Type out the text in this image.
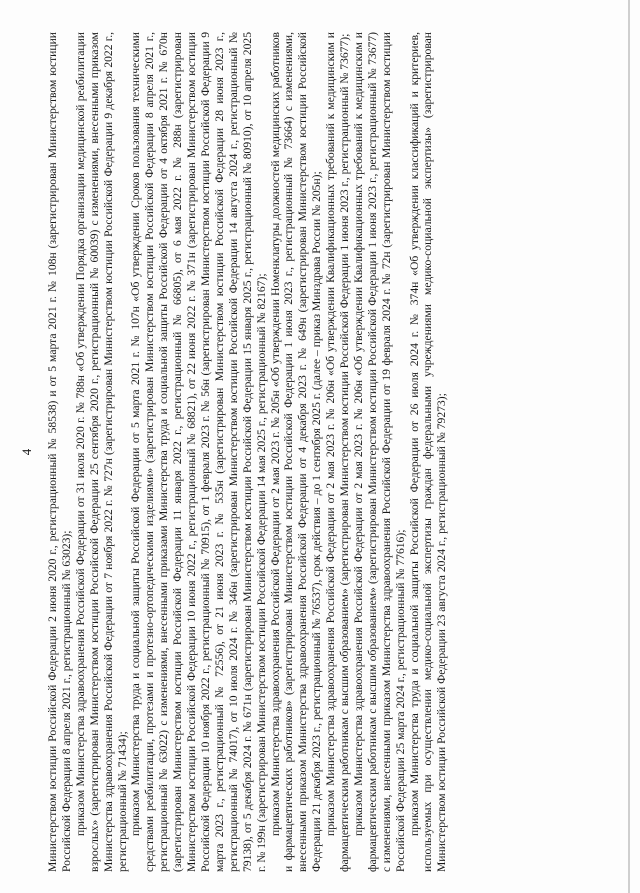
4 Министерством юстиции Российской Федерации 2 июня 2020 г., регистрационный № 58538) и от 5 марта 2021 г. № 108н (зарегистрирован Министерством юстиции Российской Федерации 8 апреля 2021 г., регистрационный № 63023); приказом Министерства здравоохранения Российской Федерации от 31 июля 2020 г. № 788н «Об утверждении Порядка организации медицинской реабилитации взрослых» (зарегистрирован Министерством юстиции Российской Федерации 25 сентября 2020 г., регистрационный № 60039) с изменениями, внесенными приказом Министерства здравоохранения Российской Федерации от 7 ноября 2022 г. № 727н (зарегистрирован Министерством юстиции Российской Федерации 9 декабря 2022 г., регистрационный № 71434); приказом Министерства труда и социальной защиты Российской Федерации от 5 марта 2021 г. № 107н «Об утверждении Сроков пользования техническими средствами реабилитации, протезами и протезно-ортопедическими изделиями» (зарегистрирован Министерством юстиции Российской Федерации 8 апреля 2021 г., регистрационный № 63022) с изменениями, внесенными приказами Министерства труда и социальной защиты Российской Федерации от 4 октября 2021 г. № 670н (зарегистрирован Министерством юстиции Российской Федерации 11 января 2022 г., регистрационный № 66805), от 6 мая 2022 г. № 288н (зарегистрирован Министерством юстиции Российской Федерации 10 июня 2022 г., регистрационный № 68821), от 22 июня 2022 г. № 371н (зарегистрирован Министерством юстиции Российской Федерации 10 ноября 2022 г., регистрационный № 70915), от 1 февраля 2023 г. № 56н (зарегистрирован Министерством юстиции Российской Федерации 9 марта 2023 г., регистрационный № 72556), от 21 июня 2023 г. № 535н (зарегистрирован Министерством юстиции Российской Федерации 28 июня 2023 г., регистрационный № 74017), от 10 июля 2024 г. № 346н (зарегистрирован Министерством юстиции Российской Федерации 14 августа 2024 г., регистрационный № 79138), от 5 декабря 2024 г. № 671н (зарегистрирован Министерством юстиции Российской Федерации 15 января 2025 г., регистрационный № 80910), от 10 апреля 2025 г. № 199н (зарегистрирован Министерством юстиции Российской Федерации 14 мая 2025 г., регистрационный № 82167); приказом Министерства здравоохранения Российской Федерации от 2 мая 2023 г. № 205н «Об утверждении Номенклатуры должностей медицинских работников и фармацевтических работников» (зарегистрирован Министерством юстиции Российской Федерации 1 июня 2023 г., регистрационный № 73664) с изменениями, внесенными приказом Министерства здравоохранения Российской Федерации от 4 декабря 2023 г. № 649н (зарегистрирован Министерством юстиции Российской Федерации 21 декабря 2023 г., регистрационный № 76537), срок действия – до 1 сентября 2025 г. (далее – приказ Минздрава России № 205н); приказом Министерства здравоохранения Российской Федерации от 2 мая 2023 г. № 206н «Об утверждении Квалификационных требований к медицинским и фармацевтическим работникам с высшим образованием» (зарегистрирован Министерством юстиции Российской Федерации 1 июня 2023 г., регистрационный № 73677); приказом Министерства здравоохранения Российской Федерации от 2 мая 2023 г. № 206н «Об утверждении Квалификационных требований к медицинским и фармацевтическим работникам с высшим образованием» (зарегистрирован Министерством юстиции Российской Федерации 1 июня 2023 г., регистрационный № 73677) с изменениями, внесенными приказом Министерства здравоохранения Российской Федерации от 19 февраля 2024 г. № 72н (зарегистрирован Министерством юстиции Российской Федерации 25 марта 2024 г., регистрационный № 77616); приказом Министерства труда и социальной защиты Российской Федерации от 26 июля 2024 г. № 374н «Об утверждении классификаций и критериев, используемых при осуществлении медико-социальной экспертизы граждан федеральными учреждениями медико-социальной экспертизы» (зарегистрирован Министерством юстиции Российской Федерации 23 августа 2024 г., регистрационный № 79273);
